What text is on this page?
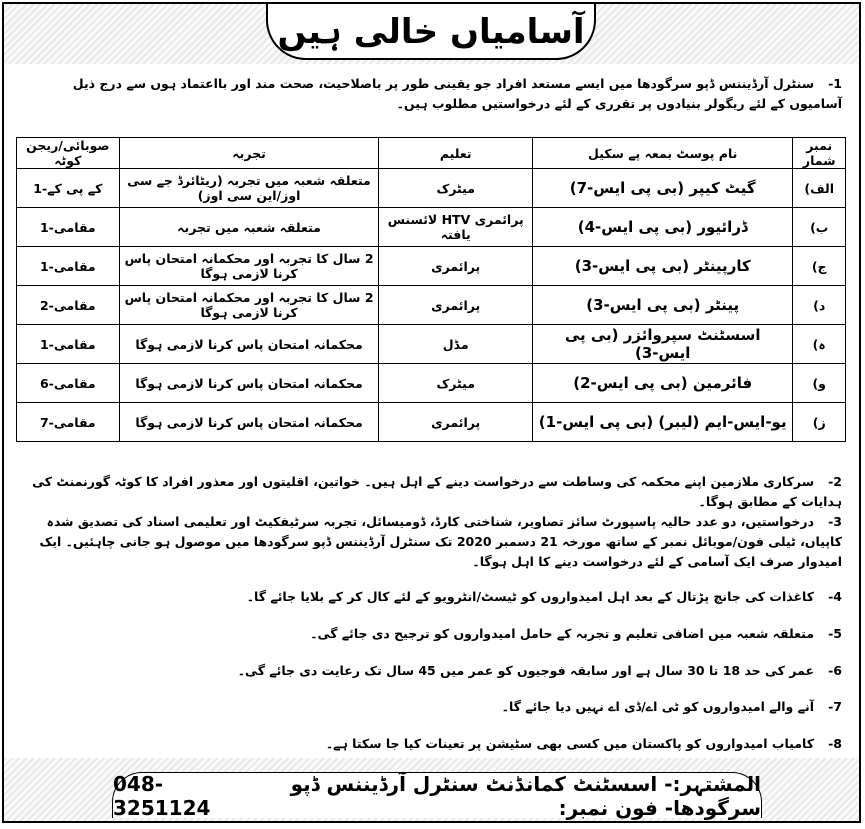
آسامیاں خالی ہیں
1-سنٹرل آرڈیننس ڈپو سرگودھا میں ایسے مستعد افراد جو یقینی طور پر باصلاحیت، صحت مند اور بااعتماد ہوں سے درج ذیل آسامیوں کے لئے ریگولر بنیادوں پر تقرری کے لئے درخواستیں مطلوب ہیں۔
نمبر شمار	نام پوسٹ بمعہ پے سکیل	تعلیم	تجربہ	صوبائی/ریجن کوٹہ
الف)	گیٹ کیپر (بی پی ایس-7)	میٹرک	متعلقہ شعبہ میں تجربہ (ریٹائرڈ جے سی اوز/این سی اوز)	کے پی کے-1
ب)	ڈرائیور (بی پی ایس-4)	پرائمری HTV لائسنس یافتہ	متعلقہ شعبہ میں تجربہ	مقامی-1
ج)	کارپینٹر (بی پی ایس-3)	پرائمری	2 سال کا تجربہ اور محکمانہ امتحان پاس کرنا لازمی ہوگا	مقامی-1
د)	پینٹر (بی پی ایس-3)	پرائمری	2 سال کا تجربہ اور محکمانہ امتحان پاس کرنا لازمی ہوگا	مقامی-2
ہ)	اسسٹنٹ سپروائزر (بی پی ایس-3)	مڈل	محکمانہ امتحان پاس کرنا لازمی ہوگا	مقامی-1
و)	فائرمین (بی پی ایس-2)	میٹرک	محکمانہ امتحان پاس کرنا لازمی ہوگا	مقامی-6
ز)	یو-ایس-ایم (لیبر) (بی پی ایس-1)	پرائمری	محکمانہ امتحان پاس کرنا لازمی ہوگا	مقامی-7
2-سرکاری ملازمین اپنے محکمہ کی وساطت سے درخواست دینے کے اہل ہیں۔ خواتین، اقلیتوں اور معذور افراد کا کوٹہ گورنمنٹ کی ہدایات کے مطابق ہوگا۔
3-درخواستیں، دو عدد حالیہ پاسپورٹ سائز تصاویر، شناختی کارڈ، ڈومیسائل، تجربہ سرٹیفکیٹ اور تعلیمی اسناد کی تصدیق شدہ کاپیاں، ٹیلی فون/موبائل نمبر کے ساتھ مورخہ 21 دسمبر 2020 تک سنٹرل آرڈیننس ڈپو سرگودھا میں موصول ہو جانی چاہئیں۔ ایک امیدوار صرف ایک آسامی کے لئے درخواست دینے کا اہل ہوگا۔
4-کاغذات کی جانچ پڑتال کے بعد اہل امیدواروں کو ٹیسٹ/انٹرویو کے لئے کال کر کے بلایا جائے گا۔
5-متعلقہ شعبہ میں اضافی تعلیم و تجربہ کے حامل امیدواروں کو ترجیح دی جائے گی۔
6-عمر کی حد 18 تا 30 سال ہے اور سابقہ فوجیوں کو عمر میں 45 سال تک رعایت دی جائے گی۔
7-آنے والے امیدواروں کو ٹی اے/ڈی اے نہیں دیا جائے گا۔
8-کامیاب امیدواروں کو پاکستان میں کسی بھی سٹیشن پر تعینات کیا جا سکتا ہے۔
المشتہر:- اسسٹنٹ کمانڈنٹ سنٹرل آرڈیننس ڈپو سرگودھا- فون نمبر:

048-3251124
